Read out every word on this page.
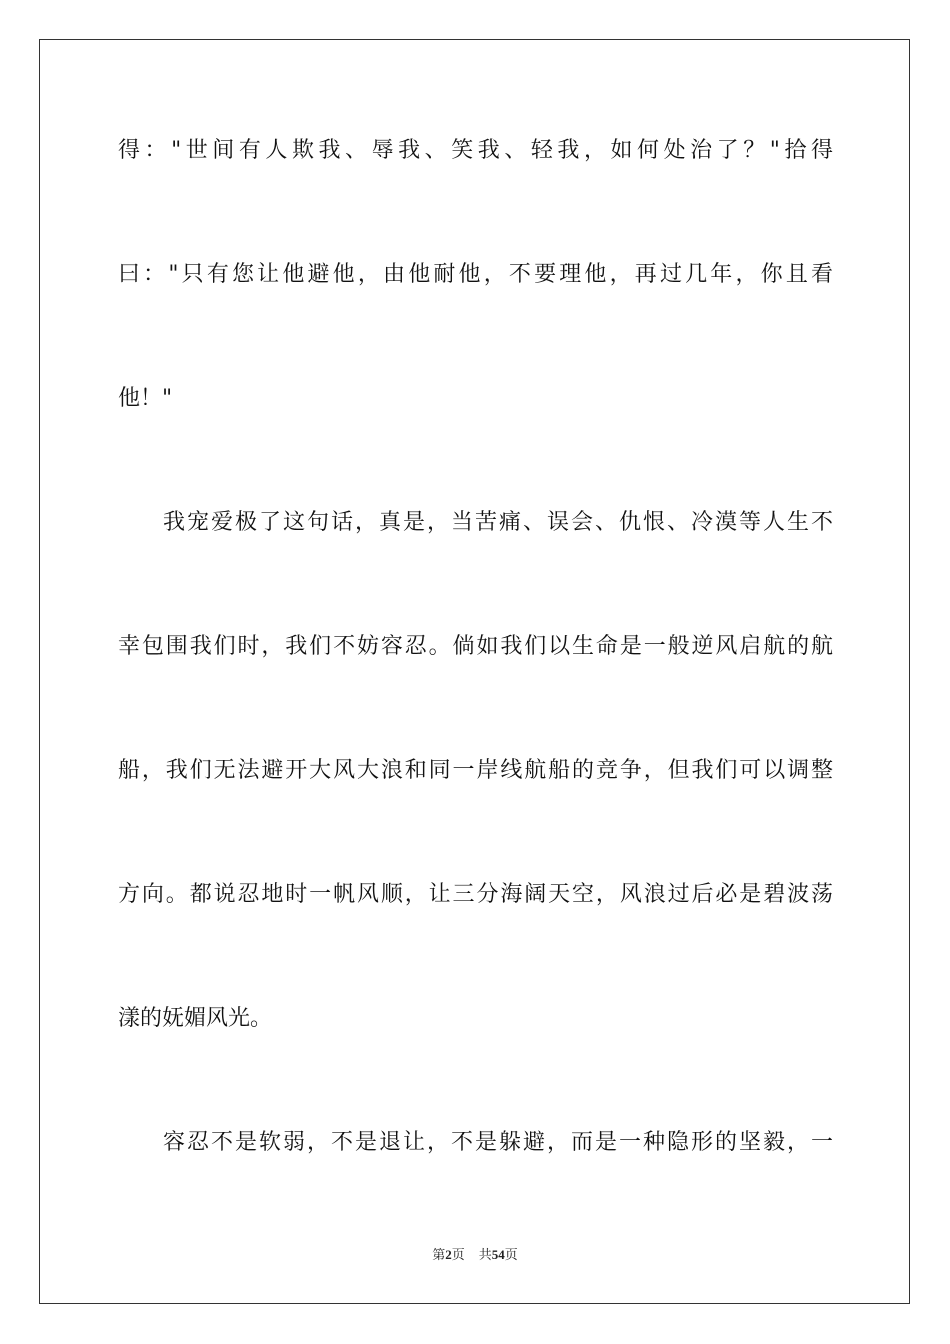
得："世间有人欺我、辱我、笑我、轻我，如何处治了？"拾得
曰："只有您让他避他，由他耐他，不要理他，再过几年，你且看
他！"
我宠爱极了这句话，真是，当苦痛、误会、仇恨、冷漠等人生不
幸包围我们时，我们不妨容忍。倘如我们以生命是一般逆风启航的航
船，我们无法避开大风大浪和同一岸线航船的竞争，但我们可以调整
方向。都说忍地时一帆风顺，让三分海阔天空，风浪过后必是碧波荡
漾的妩媚风光。
容忍不是软弱，不是退让，不是躲避，而是一种隐形的坚毅，一
第2页 共54页
